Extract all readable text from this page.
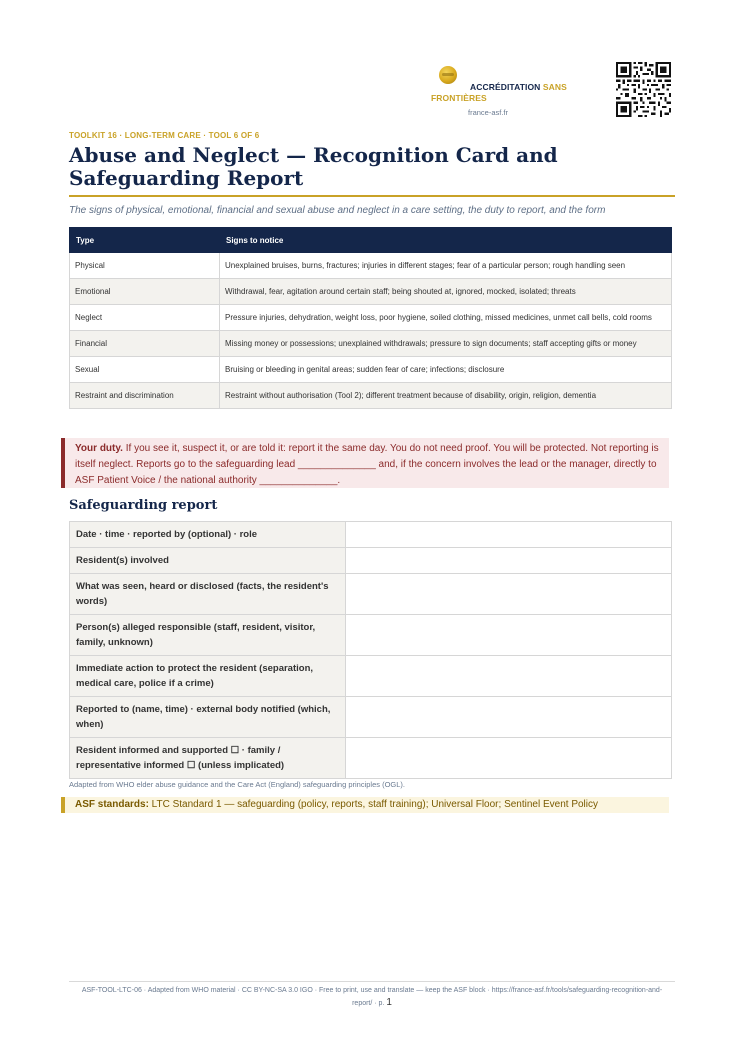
ACCRÉDITATION SANS
FRONTIÈRES
france-asf.fr
TOOLKIT 16 · LONG-TERM CARE · TOOL 6 OF 6
Abuse and Neglect — Recognition Card and Safeguarding Report
The signs of physical, emotional, financial and sexual abuse and neglect in a care setting, the duty to report, and the form
Type	Signs to notice
Physical	Unexplained bruises, burns, fractures; injuries in different stages; fear of a particular person; rough handling seen
Emotional	Withdrawal, fear, agitation around certain staff; being shouted at, ignored, mocked, isolated; threats
Neglect	Pressure injuries, dehydration, weight loss, poor hygiene, soiled clothing, missed medicines, unmet call bells, cold rooms
Financial	Missing money or possessions; unexplained withdrawals; pressure to sign documents; staff accepting gifts or money
Sexual	Bruising or bleeding in genital areas; sudden fear of care; infections; disclosure
Restraint and discrimination	Restraint without authorisation (Tool 2); different treatment because of disability, origin, religion, dementia
Your duty. If you see it, suspect it, or are told it: report it the same day. You do not need proof. You will be protected. Not reporting is itself neglect. Reports go to the safeguarding lead ______________ and, if the concern involves the lead or the manager, directly to ASF Patient Voice / the national authority ______________.
Safeguarding report
Date · time · reported by (optional) · role	
Resident(s) involved	
What was seen, heard or disclosed (facts, the resident's words)	
Person(s) alleged responsible (staff, resident, visitor, family, unknown)	
Immediate action to protect the resident (separation, medical care, police if a crime)	
Reported to (name, time) · external body notified (which, when)	
Resident informed and supported ☐ · family / representative informed ☐ (unless implicated)	
Adapted from WHO elder abuse guidance and the Care Act (England) safeguarding principles (OGL).
ASF standards: LTC Standard 1 — safeguarding (policy, reports, staff training); Universal Floor; Sentinel Event Policy
ASF-TOOL-LTC-06 · Adapted from WHO material · CC BY-NC-SA 3.0 IGO · Free to print, use and translate — keep the ASF block · https://france-asf.fr/tools/safeguarding-recognition-and-report/ · p. 1
